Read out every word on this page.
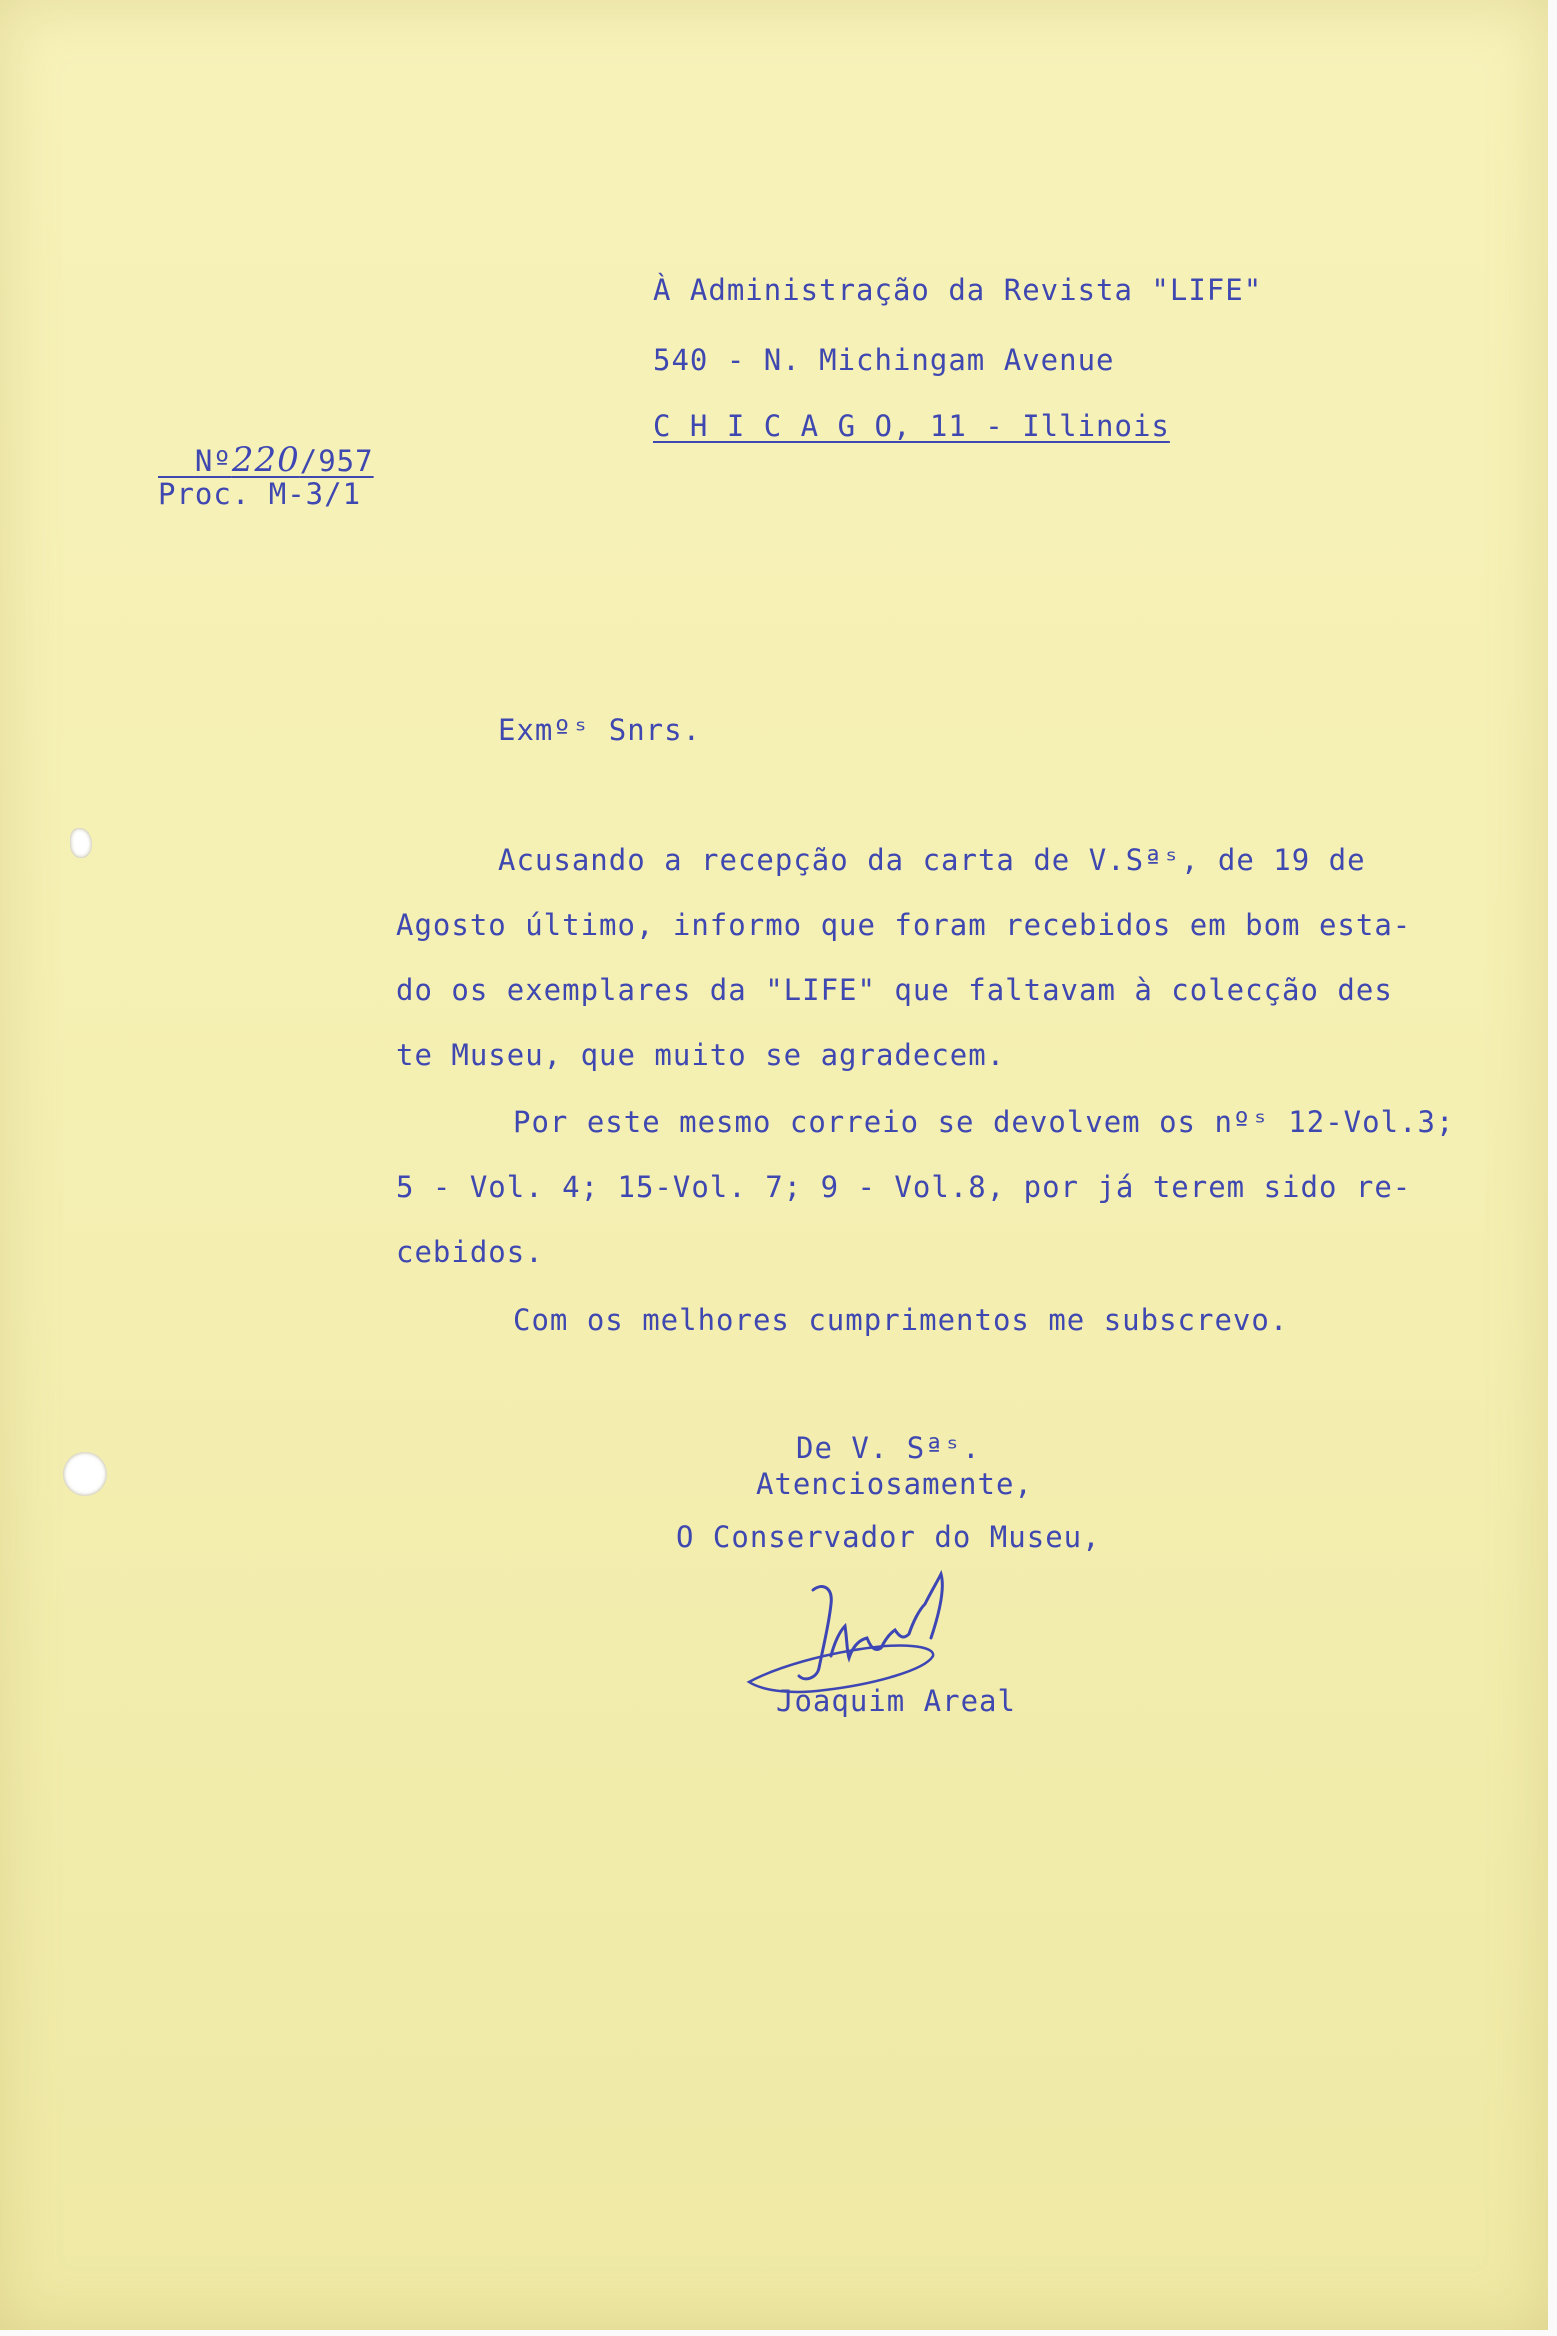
À Administração da Revista "LIFE"
540 - N. Michingam Avenue
C H I C A G O, 11 - Illinois

Nº220/957

Proc. M-3/1
Exmºˢ Snrs.
Acusando a recepção da carta de V.Sªˢ, de 19 de
Agosto último, informo que foram recebidos em bom esta-
do os exemplares da "LIFE" que faltavam à colecção des
te Museu, que muito se agradecem.
Por este mesmo correio se devolvem os nºˢ 12-Vol.3;
5 - Vol. 4; 15-Vol. 7; 9 - Vol.8, por já terem sido re-
cebidos.
Com os melhores cumprimentos me subscrevo.
De V. Sªˢ.
Atenciosamente,
O Conservador do Museu,
Joaquim Areal
